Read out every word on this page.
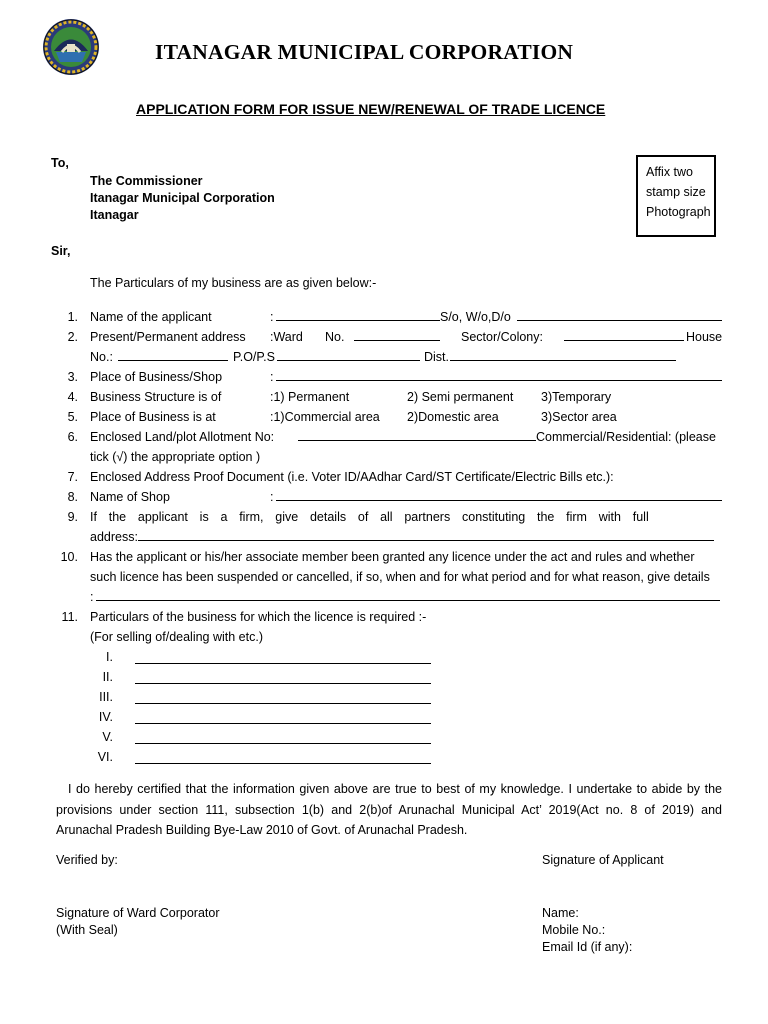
ITANAGAR MUNICIPAL CORPORATION
APPLICATION FORM FOR ISSUE NEW/RENEWAL OF TRADE LICENCE
To,
The Commissioner
Itanagar Municipal Corporation
Itanagar
Sir,
Affix two
stamp size
Photograph
The Particulars of my business are as given below:-
1. Name of the applicant	:	S/o, W/o,D/o
2. Present/Permanent address	:Ward No.	Sector/Colony:	House
No.:	P.O/P.S	Dist.
3. Place of Business/Shop	:
4. Business Structure is of	:1) Permanent	2) Semi permanent 3)Temporary
5. Place of Business is at	:1)Commercial area 2)Domestic area	3)Sector area
6. Enclosed Land/plot Allotment No:	Commercial/Residential: (please
tick (√) the appropriate option )
7. Enclosed Address Proof Document (i.e. Voter ID/AAdhar Card/ST Certificate/Electric Bills etc.):
8. Name of Shop	:
9. If the applicant is a firm, give details of all partners constituting the firm with full
address:
10. Has the applicant or his/her associate member been granted any licence under the act and rules and whether
such licence has been suspended or cancelled, if so, when and for what period and for what reason, give details
:
11. Particulars of the business for which the licence is required :-
(For selling of/dealing with etc.)
I.
II.
III.
IV.
V.
VI.
I do hereby certified that the information given above are true to best of my knowledge. I undertake to abide by the provisions under section 111, subsection 1(b) and 2(b)of Arunachal Municipal Act’ 2019(Act no. 8 of 2019) and Arunachal Pradesh Building Bye-Law 2010 of Govt. of Arunachal Pradesh.
Verified by:	Signature of Applicant
Signature of Ward Corporator
(With Seal)
Name:
Mobile No.:
Email Id (if any):
